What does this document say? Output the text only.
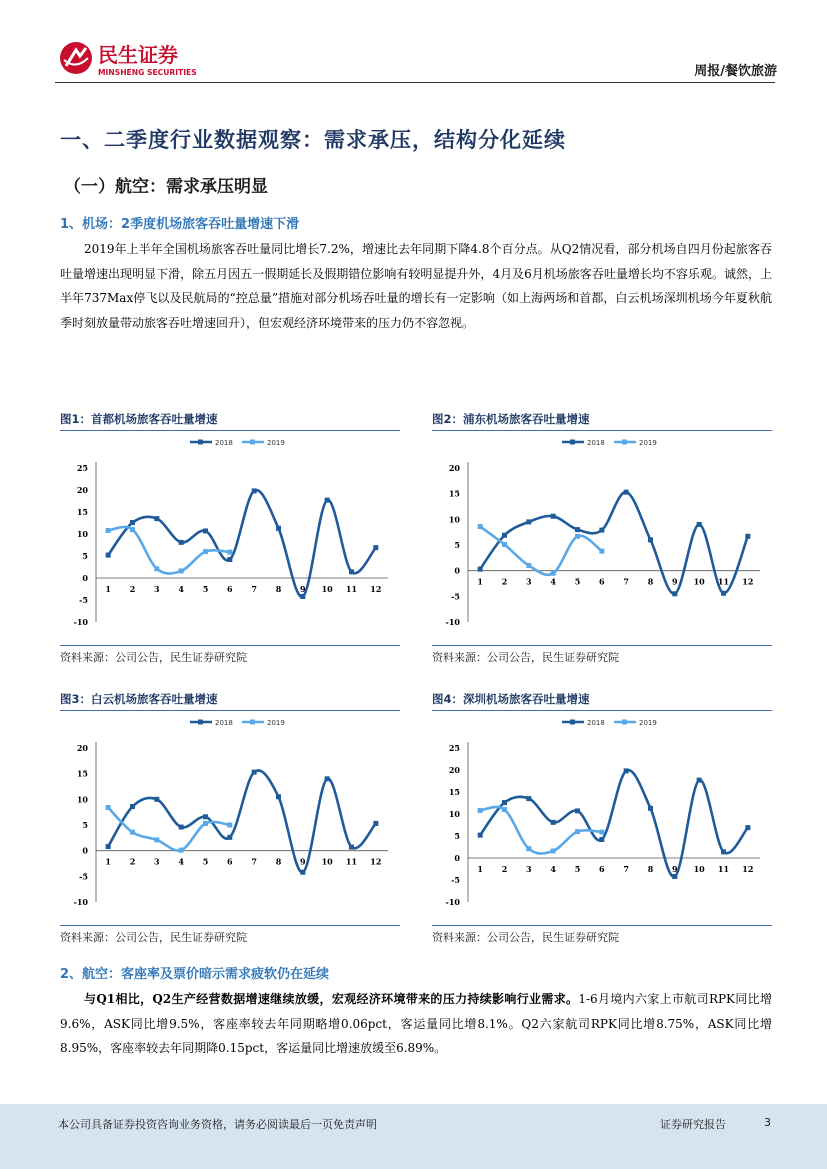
民生证券
MINSHENG SECURITIES	周报/餐饮旅游
一、二季度行业数据观察：需求承压，结构分化延续
（一）航空：需求承压明显
1、机场：2季度机场旅客吞吐量增速下滑

2019年上半年全国机场旅客吞吐量同比增长7.2%，增速比去年同期下降4.8个百分点。从Q2情况看，部分机场自四月份起旅客吞吐量增速出现明显下滑，除五月因五一假期延长及假期错位影响有较明显提升外，4月及6月机场旅客吞吐量增长均不容乐观。诚然，上半年737Max停飞以及民航局的“控总量”措施对部分机场吞吐量的增长有一定影响（如上海两场和首都，白云机场深圳机场今年夏秋航季时刻放量带动旅客吞吐增速回升），但宏观经济环境带来的压力仍不容忽视。

图1：首都机场旅客吞吐量增速
2018	2019
25
20
15
10
5
0
-5
-10
1 2 3 4 5 6 7 8 9 10 11 12
资料来源：公司公告，民生证券研究院
图2：浦东机场旅客吞吐量增速
2018	2019
20
15
10
5
0
-5
-10
1 2 3 4 5 6 7 8 9 10 11 12
资料来源：公司公告，民生证券研究院
图3：白云机场旅客吞吐量增速
2018	2019
20
15
10
5
0
-5
-10
1 2 3 4 5 6 7 8 9 10 11 12
资料来源：公司公告，民生证券研究院
图4：深圳机场旅客吞吐量增速
2018	2019
25
20
15
10
5
0
-5
-10
1 2 3 4 5 6 7 8 9 10 11 12
资料来源：公司公告，民生证券研究院
2、航空：客座率及票价暗示需求疲软仍在延续

与Q1相比，Q2生产经营数据增速继续放缓，宏观经济环境带来的压力持续影响行业需求。1-6月境内六家上市航司RPK同比增9.6%，ASK同比增9.5%，客座率较去年同期略增0.06pct，客运量同比增8.1%。Q2六家航司RPK同比增8.75%，ASK同比增8.95%，客座率较去年同期降0.15pct，客运量同比增速放缓至6.89%。

本公司具备证券投资咨询业务资格，请务必阅读最后一页免责声明	证券研究报告	3
